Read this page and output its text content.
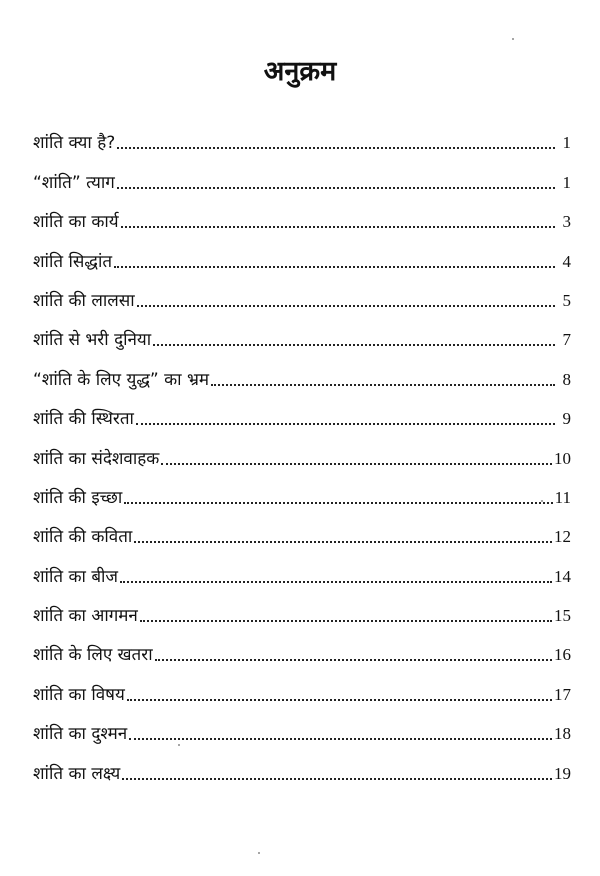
अनुक्रम
शांति क्या है?	1
“शांति” त्याग	1
शांति का कार्य	3
शांति सिद्धांत	4
शांति की लालसा	5
शांति से भरी दुनिया	7
“शांति के लिए युद्ध” का भ्रम	8
शांति की स्थिरता	9
शांति का संदेशवाहक	10
शांति की इच्छा	11
शांति की कविता	12
शांति का बीज	14
शांति का आगमन	15
शांति के लिए खतरा	16
शांति का विषय	17
शांति का दुश्मन	18
शांति का लक्ष्य	19
